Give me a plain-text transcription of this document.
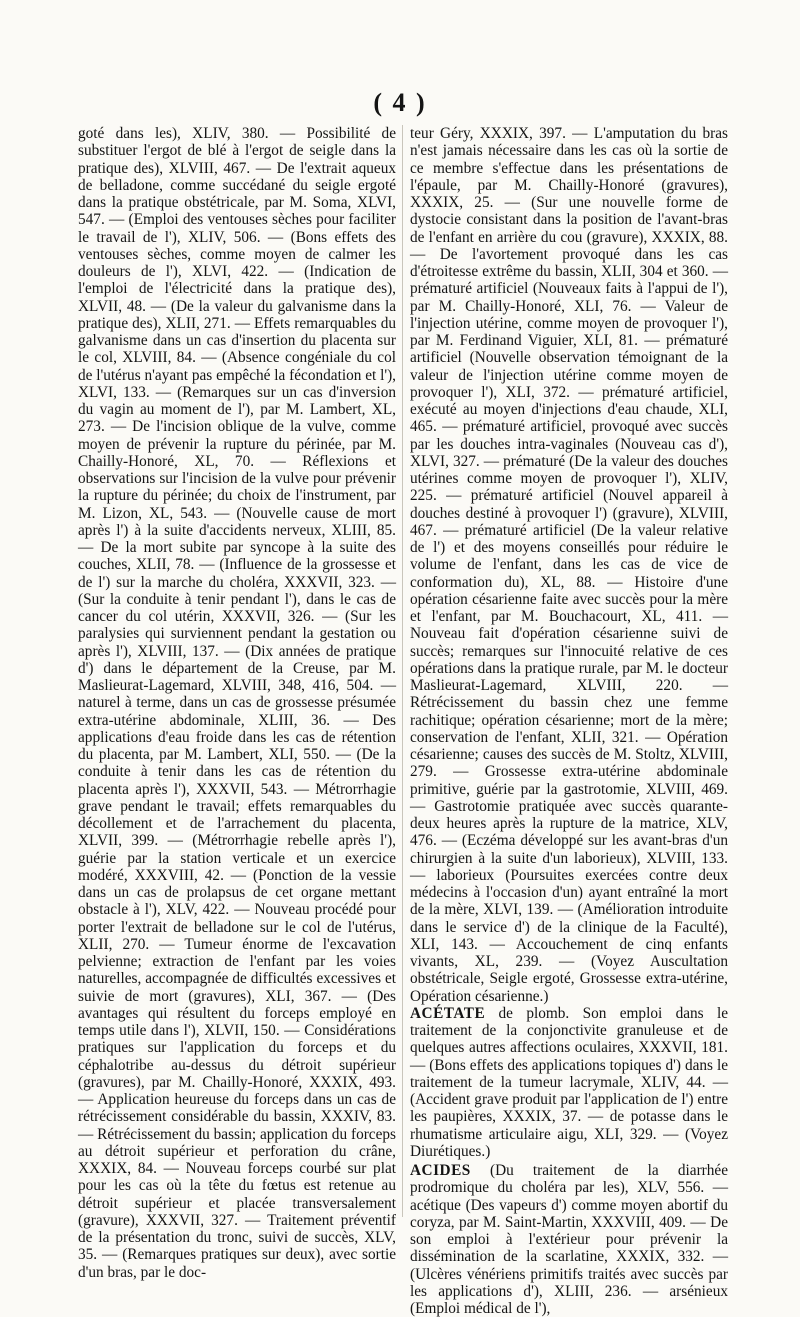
( 4 )

goté dans les), XLIV, 380. — Possibilité de substituer l'ergot de blé à l'ergot de seigle dans la pratique des), XLVIII, 467. — De l'extrait aqueux de belladone, comme succédané du seigle ergoté dans la pratique obstétricale, par M. Soma, XLVI, 547. — (Emploi des ventouses sèches pour faciliter le travail de l'), XLIV, 506. — (Bons effets des ventouses sèches, comme moyen de calmer les douleurs de l'), XLVI, 422. — (Indication de l'emploi de l'électricité dans la pratique des), XLVII, 48. — (De la valeur du galvanisme dans la pratique des), XLII, 271. — Effets remarquables du galvanisme dans un cas d'insertion du placenta sur le col, XLVIII, 84. — (Absence congéniale du col de l'utérus n'ayant pas empêché la fécondation et l'), XLVI, 133. — (Remarques sur un cas d'inversion du vagin au moment de l'), par M. Lambert, XL, 273. — De l'incision oblique de la vulve, comme moyen de prévenir la rupture du périnée, par M. Chailly-Honoré, XL, 70. — Réflexions et observations sur l'incision de la vulve pour prévenir la rupture du périnée; du choix de l'instrument, par M. Lizon, XL, 543. — (Nouvelle cause de mort après l') à la suite d'accidents nerveux, XLIII, 85. — De la mort subite par syncope à la suite des couches, XLII, 78. — (Influence de la grossesse et de l') sur la marche du choléra, XXXVII, 323. — (Sur la conduite à tenir pendant l'), dans le cas de cancer du col utérin, XXXVII, 326. — (Sur les paralysies qui surviennent pendant la gestation ou après l'), XLVIII, 137. — (Dix années de pratique d') dans le département de la Creuse, par M. Maslieurat-Lagemard, XLVIII, 348, 416, 504. — naturel à terme, dans un cas de grossesse présumée extra-utérine abdominale, XLIII, 36. — Des applications d'eau froide dans les cas de rétention du placenta, par M. Lambert, XLI, 550. — (De la conduite à tenir dans les cas de rétention du placenta après l'), XXXVII, 543. — Métrorrhagie grave pendant le travail; effets remarquables du décollement et de l'arrachement du placenta, XLVII, 399. — (Métrorrhagie rebelle après l'), guérie par la station verticale et un exercice modéré, XXXVIII, 42. — (Ponction de la vessie dans un cas de prolapsus de cet organe mettant obstacle à l'), XLV, 422. — Nouveau procédé pour porter l'extrait de belladone sur le col de l'utérus, XLII, 270. — Tumeur énorme de l'excavation pelvienne; extraction de l'enfant par les voies naturelles, accompagnée de difficultés excessives et suivie de mort (gravures), XLI, 367. — (Des avantages qui résultent du forceps employé en temps utile dans l'), XLVII, 150. — Considérations pratiques sur l'application du forceps et du céphalotribe au-dessus du détroit supérieur (gravures), par M. Chailly-Honoré, XXXIX, 493. — Application heureuse du forceps dans un cas de rétrécissement considérable du bassin, XXXIV, 83. — Rétrécissement du bassin; application du forceps au détroit supérieur et perforation du crâne, XXXIX, 84. — Nouveau forceps courbé sur plat pour les cas où la tête du fœtus est retenue au détroit supérieur et placée transversalement (gravure), XXXVII, 327. — Traitement préventif de la présentation du tronc, suivi de succès, XLV, 35. — (Remarques pratiques sur deux), avec sortie d'un bras, par le doc-

teur Géry, XXXIX, 397. — L'amputation du bras n'est jamais nécessaire dans les cas où la sortie de ce membre s'effectue dans les présentations de l'épaule, par M. Chailly-Honoré (gravures), XXXIX, 25. — (Sur une nouvelle forme de dystocie consistant dans la position de l'avant-bras de l'enfant en arrière du cou (gravure), XXXIX, 88. — De l'avortement provoqué dans les cas d'étroitesse extrême du bassin, XLII, 304 et 360. — prématuré artificiel (Nouveaux faits à l'appui de l'), par M. Chailly-Honoré, XLI, 76. — Valeur de l'injection utérine, comme moyen de provoquer l'), par M. Ferdinand Viguier, XLI, 81. — prématuré artificiel (Nouvelle observation témoignant de la valeur de l'injection utérine comme moyen de provoquer l'), XLI, 372. — prématuré artificiel, exécuté au moyen d'injections d'eau chaude, XLI, 465. — prématuré artificiel, provoqué avec succès par les douches intra-vaginales (Nouveau cas d'), XLVI, 327. — prématuré (De la valeur des douches utérines comme moyen de provoquer l'), XLIV, 225. — prématuré artificiel (Nouvel appareil à douches destiné à provoquer l') (gravure), XLVIII, 467. — prématuré artificiel (De la valeur relative de l') et des moyens conseillés pour réduire le volume de l'enfant, dans les cas de vice de conformation du), XL, 88. — Histoire d'une opération césarienne faite avec succès pour la mère et l'enfant, par M. Bouchacourt, XL, 411. — Nouveau fait d'opération césarienne suivi de succès; remarques sur l'innocuité relative de ces opérations dans la pratique rurale, par M. le docteur Maslieurat-Lagemard, XLVIII, 220. — Rétrécissement du bassin chez une femme rachitique; opération césarienne; mort de la mère; conservation de l'enfant, XLII, 321. — Opération césarienne; causes des succès de M. Stoltz, XLVIII, 279. — Grossesse extra-utérine abdominale primitive, guérie par la gastrotomie, XLVIII, 469. — Gastrotomie pratiquée avec succès quarante-deux heures après la rupture de la matrice, XLV, 476. — (Eczéma développé sur les avant-bras d'un chirurgien à la suite d'un laborieux), XLVIII, 133. — laborieux (Poursuites exercées contre deux médecins à l'occasion d'un) ayant entraîné la mort de la mère, XLVI, 139. — (Amélioration introduite dans le service d') de la clinique de la Faculté), XLI, 143. — Accouchement de cinq enfants vivants, XL, 239. — (Voyez Auscultation obstétricale, Seigle ergoté, Grossesse extra-utérine, Opération césarienne.)

ACÉTATE de plomb. Son emploi dans le traitement de la conjonctivite granuleuse et de quelques autres affections oculaires, XXXVII, 181. — (Bons effets des applications topiques d') dans le traitement de la tumeur lacrymale, XLIV, 44. — (Accident grave produit par l'application de l') entre les paupières, XXXIX, 37. — de potasse dans le rhumatisme articulaire aigu, XLI, 329. — (Voyez Diurétiques.)

ACIDES (Du traitement de la diarrhée prodromique du choléra par les), XLV, 556. — acétique (Des vapeurs d') comme moyen abortif du coryza, par M. Saint-Martin, XXXVIII, 409. — De son emploi à l'extérieur pour prévenir la dissémination de la scarlatine, XXXIX, 332. — (Ulcères vénériens primitifs traités avec succès par les applications d'), XLIII, 236. — arsénieux (Emploi médical de l'),
